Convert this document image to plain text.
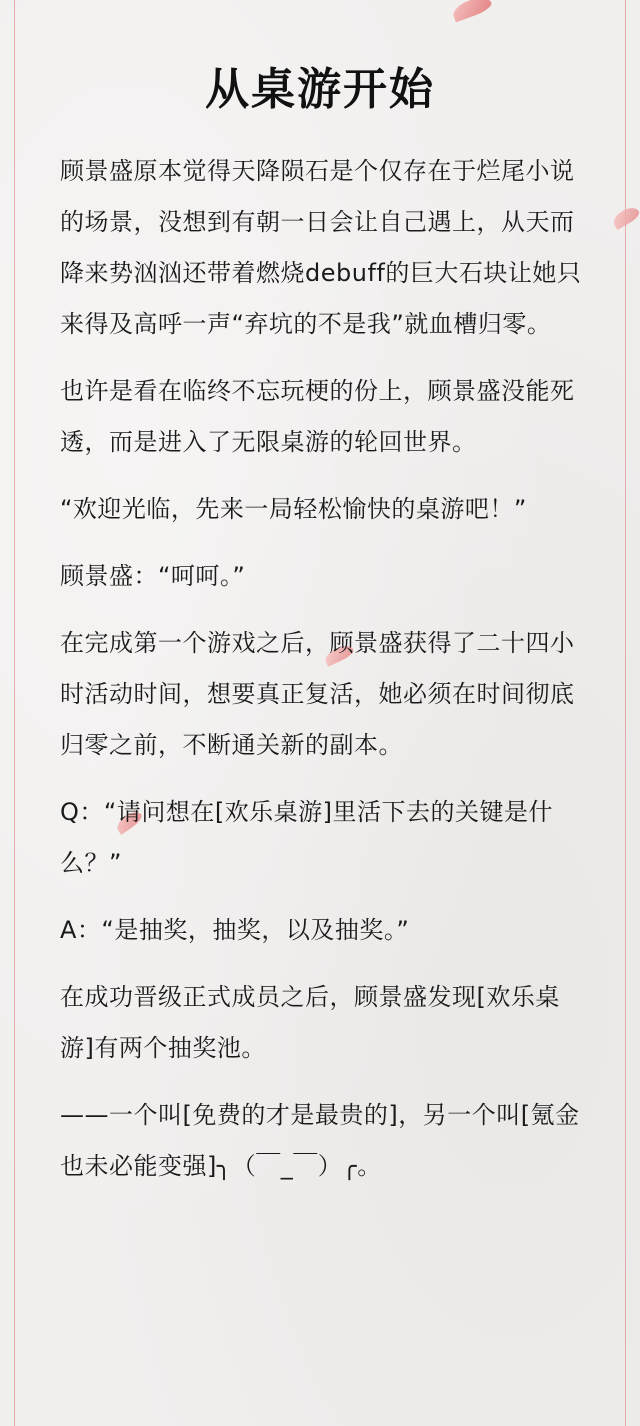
从桌游开始

顾景盛原本觉得天降陨石是个仅存在于烂尾小说的场景，没想到有朝一日会让自己遇上，从天而降来势汹汹还带着燃烧debuff的巨大石块让她只来得及高呼一声“弃坑的不是我”就血槽归零。

也许是看在临终不忘玩梗的份上，顾景盛没能死透，而是进入了无限桌游的轮回世界。

“欢迎光临，先来一局轻松愉快的桌游吧！”

顾景盛：“呵呵。”

在完成第一个游戏之后，顾景盛获得了二十四小时活动时间，想要真正复活，她必须在时间彻底归零之前，不断通关新的副本。

Q：“请问想在[欢乐桌游]里活下去的关键是什么？”

A：“是抽奖，抽奖，以及抽奖。”

在成功晋级正式成员之后，顾景盛发现[欢乐桌游]有两个抽奖池。

——一个叫[免费的才是最贵的]，另一个叫[氪金也未必能变强]╮（￣_￣）╭。
